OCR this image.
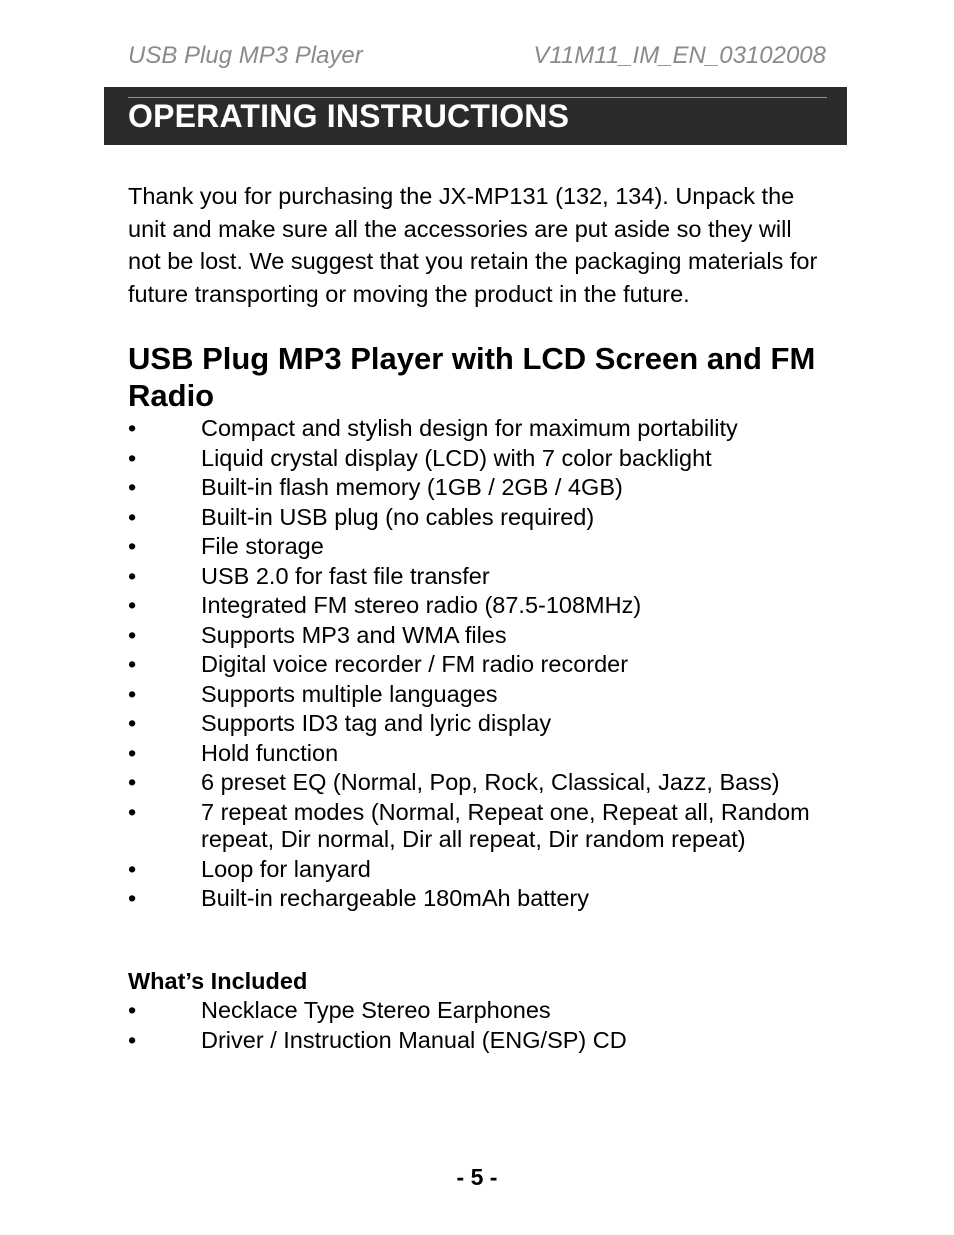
USB Plug MP3 Player	V11M11_IM_EN_03102008
OPERATING INSTRUCTIONS

Thank you for purchasing the JX-MP131 (132, 134). Unpack the unit and make sure all the accessories are put aside so they will not be lost. We suggest that you retain the packaging materials for future transporting or moving the product in the future.

USB Plug MP3 Player with LCD Screen and FM Radio
•	Compact and stylish design for maximum portability
•	Liquid crystal display (LCD) with 7 color backlight
•	Built-in flash memory (1GB / 2GB / 4GB)
•	Built-in USB plug (no cables required)
•	File storage
•	USB 2.0 for fast file transfer
•	Integrated FM stereo radio (87.5-108MHz)
•	Supports MP3 and WMA files
•	Digital voice recorder / FM radio recorder
•	Supports multiple languages
•	Supports ID3 tag and lyric display
•	Hold function
•	6 preset EQ (Normal, Pop, Rock, Classical, Jazz, Bass)
•	7 repeat modes (Normal, Repeat one, Repeat all, Random repeat, Dir normal, Dir all repeat, Dir random repeat)
•	Loop for lanyard
•	Built-in rechargeable 180mAh battery
What’s Included
•	Necklace Type Stereo Earphones
•	Driver / Instruction Manual (ENG/SP) CD
- 5 -
